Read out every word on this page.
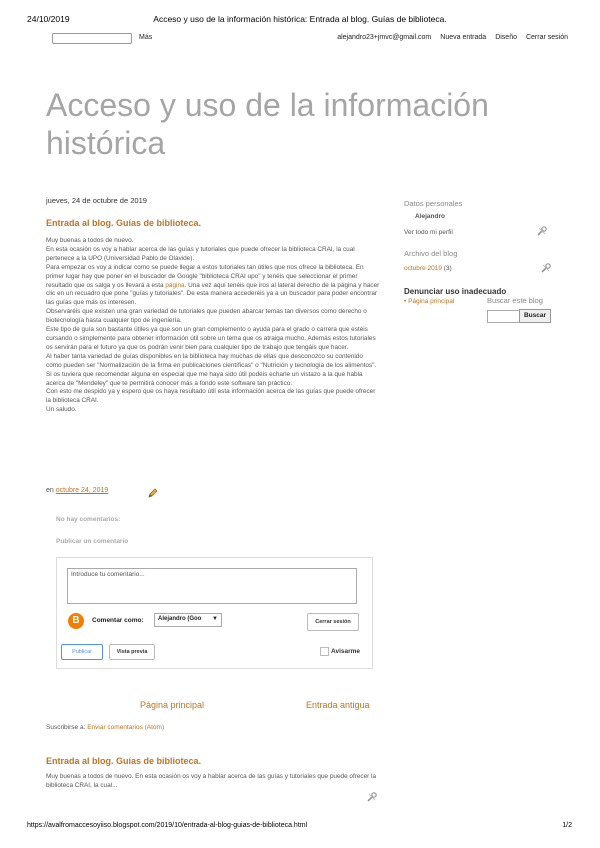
24/10/2019	Acceso y uso de la información histórica: Entrada al blog. Guías de biblioteca.
Más	alejandro23+jmvc@gmail.com Nueva entrada Diseño Cerrar sesión
Acceso y uso de la información histórica
jueves, 24 de octubre de 2019
Entrada al blog. Guías de biblioteca.

Muy buenas a todos de nuevo.

En esta ocasión os voy a hablar acerca de las guías y tutoriales que puede ofrecer la biblioteca CRAI, la cual pertenece a la UPO (Universidad Pablo de Olavide).

Para empezar os voy a indicar como se puede llegar a estos tutoriales tan útiles que nos ofrece la biblioteca. En primer lugar hay que poner en el buscador de Google "biblioteca CRAI upo" y tenéis que seleccionar el primer resultado que os salga y os llevará a esta página. Una vez aquí tenéis que iros al lateral derecho de la página y hacer clic en un recuadro que pone "guías y tutoriales". De esta manera accederéis ya a un buscador para poder encontrar las guías que más os interesen.

Observaréis que existen una gran variedad de tutoriales que pueden abarcar temas tan diversos como derecho o biotecnología hasta cualquier tipo de ingeniería.

Este tipo de guía son bastante útiles ya que son un gran complemento o ayuda para el grado o carrera que estéis cursando o simplemente para obtener información útil sobre un tema que os atraiga mucho. Además estos tutoriales os servirán para el futuro ya que os podrán venir bien para cualquier tipo de trabajo que tengáis que hacer.

Al haber tanta variedad de guías disponibles en la biblioteca hay muchas de ellas que desconozco su contenido como pueden ser "Normalización de la firma en publicaciones científicas" o "Nutrición y tecnología de los alimentos".

Si os tuviera que recomendar alguna en especial que me haya sido útil podéis echarle un vistazo a la que habla acerca de "Mendeley" que te permitirá conocer más a fondo este software tan práctico.

Con esto me despido ya y espero que os haya resultado útil esta información acerca de las guías que puede ofrecer la biblioteca CRAI.

Un saludo.

en octubre 24, 2019
No hay comentarios:
Publicar un comentario
Introduce tu comentario...
B	Comentar como:	Alejandro (Goo ▼	Cerrar sesión
Publicar	Vista previa	Avisarme
Página principal	Entrada antigua
Suscribirse a: Enviar comentarios (Atom)
Entrada al blog. Guías de biblioteca.
Muy buenas a todos de nuevo. En esta ocasión os voy a hablar acerca de las guías y tutoriales que puede ofrecer la biblioteca CRAI, la cual...
Datos personales
Alejandro
Ver todo mi perfil
Archivo del blog
octubre 2019 (3)
Denunciar uso inadecuado
• Página principal	Buscar este blog
Buscar
https://avalfromaccesoyiiso.blogspot.com/2019/10/entrada-al-blog-guias-de-biblioteca.html	1/2
